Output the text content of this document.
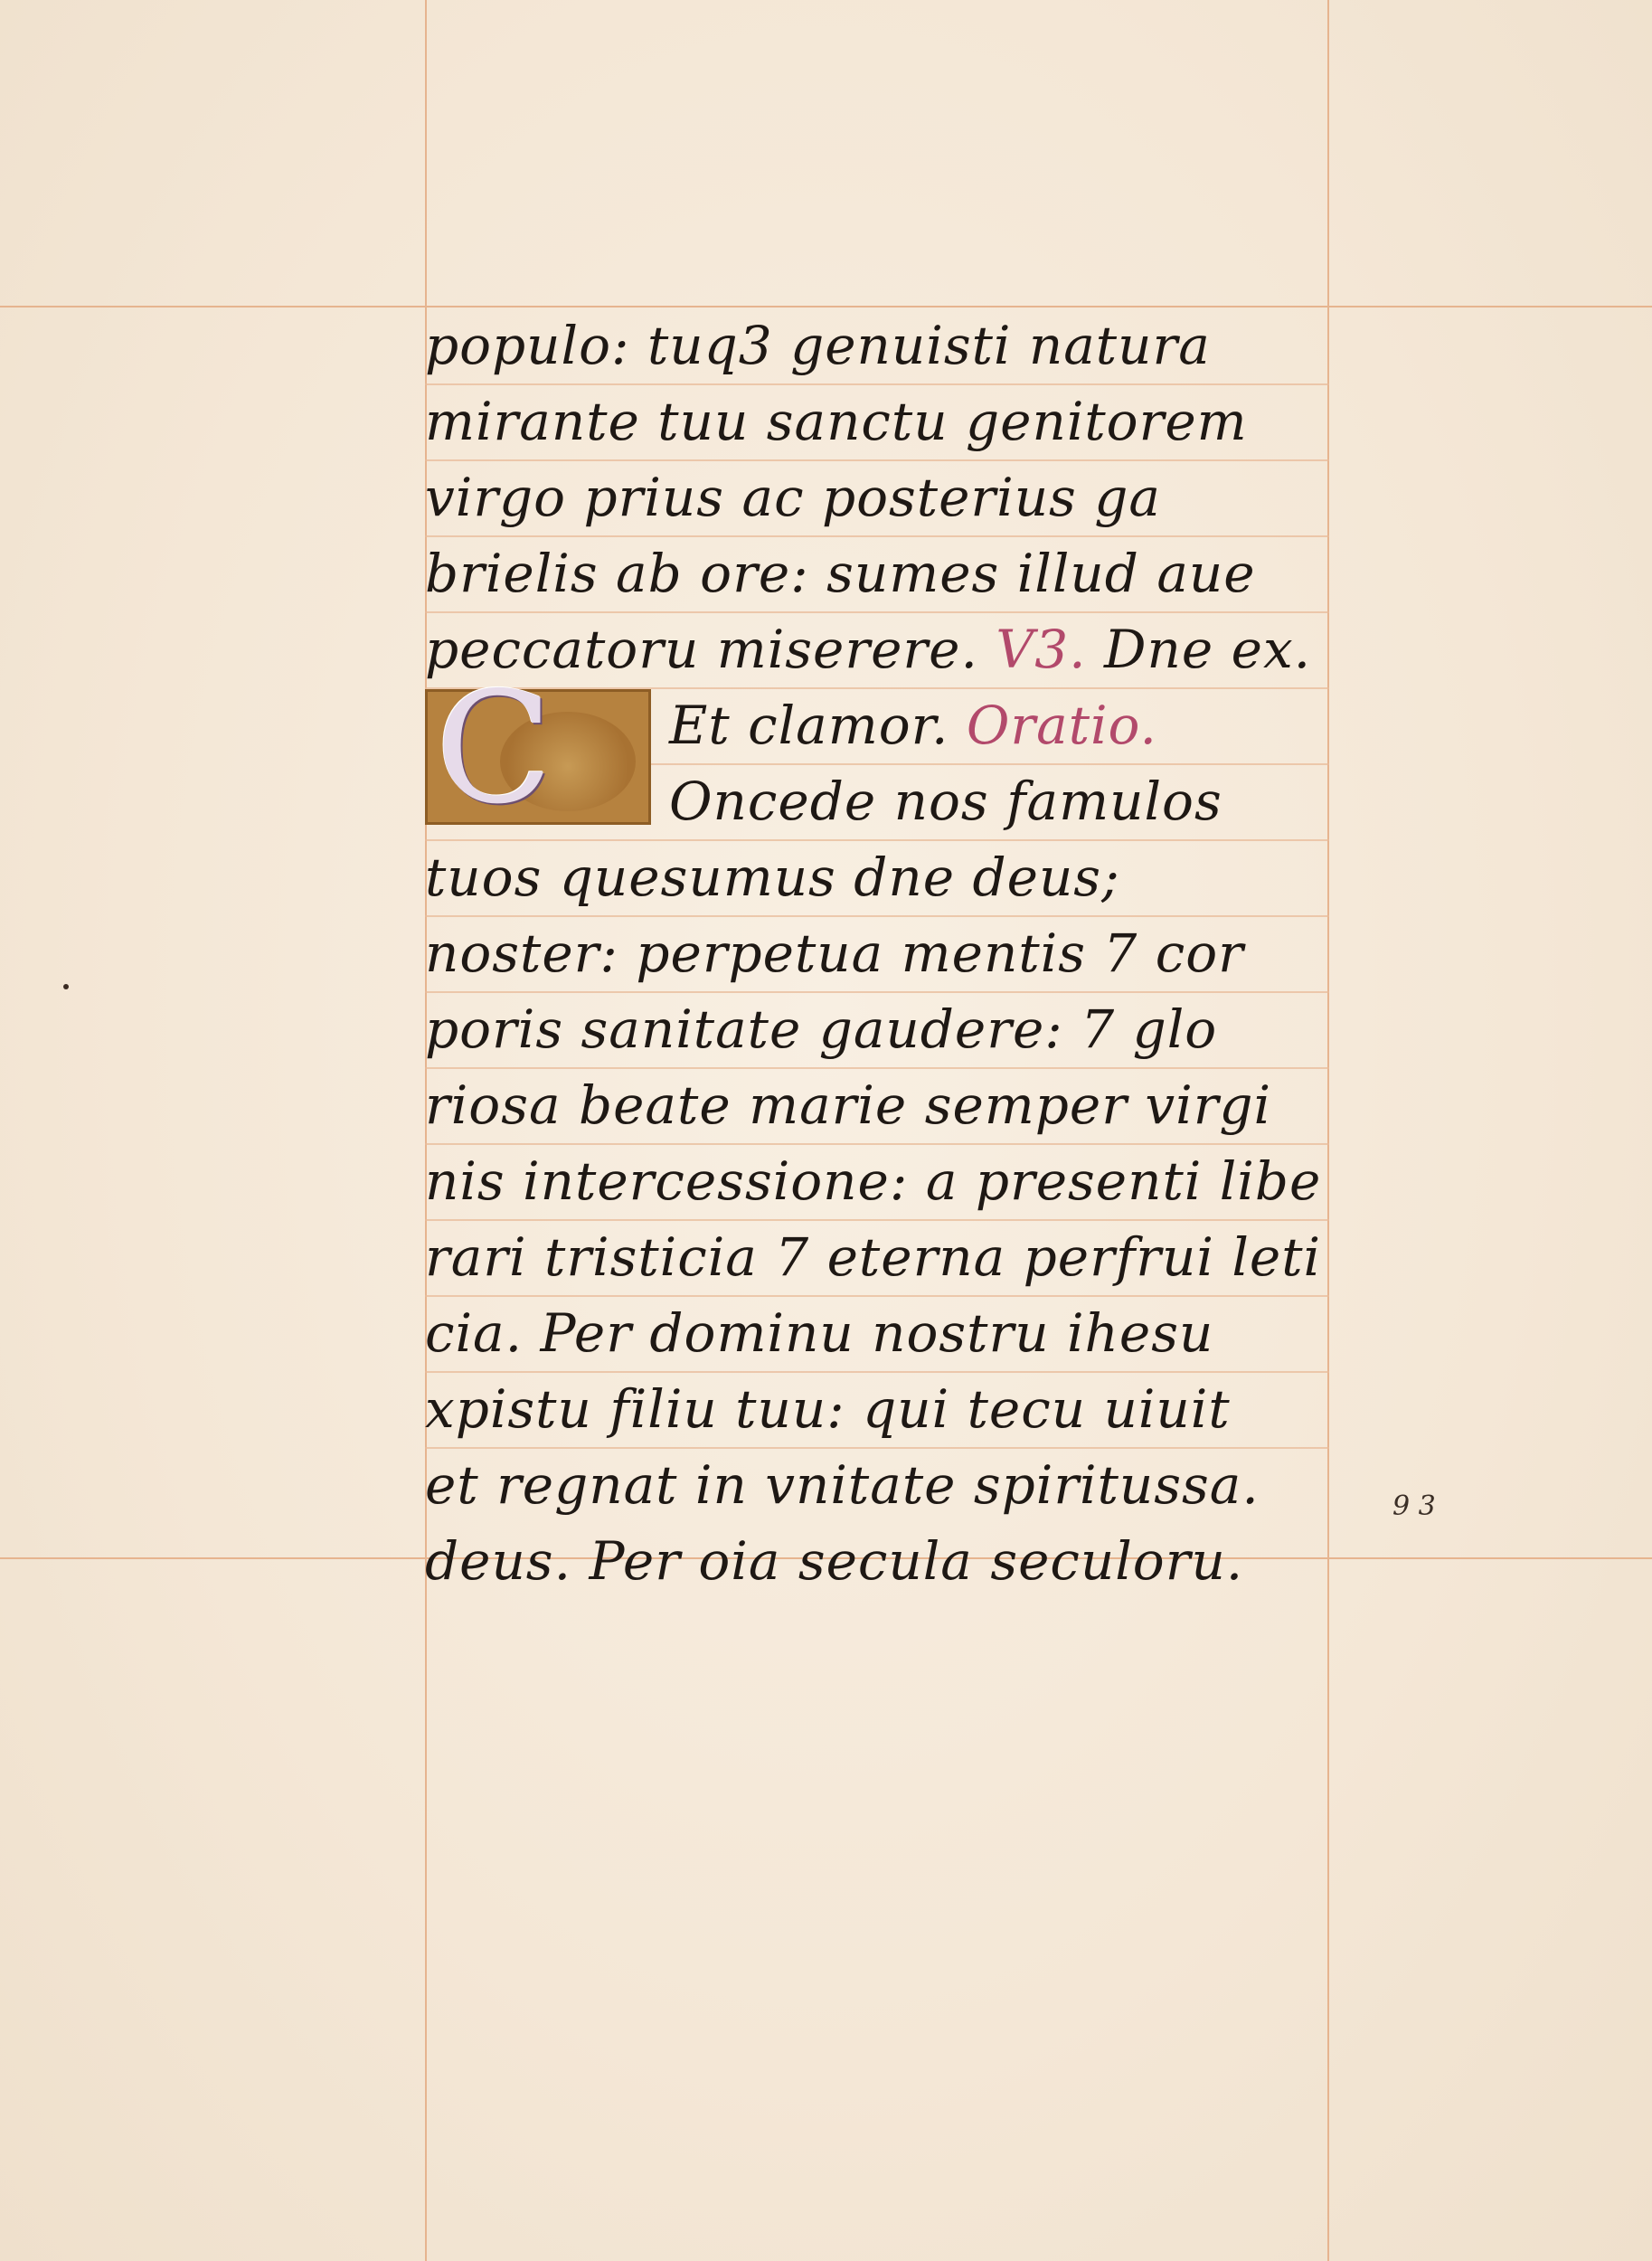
C
populo: tuq3 genuisti natura
mirante tuu sanctu genitorem
virgo prius ac posterius ga
brielis ab ore: sumes illud aue
peccatoru miserere. V3. Dne ex.
Et clamor. Oratio.
Oncede nos famulos
tuos quesumus dne deus;
noster: perpetua mentis 7 cor
poris sanitate gaudere: 7 glo
riosa beate marie semper virgi
nis intercessione: a presenti libe
rari tristicia 7 eterna perfrui leti
cia. Per dominu nostru ihesu
xpistu filiu tuu: qui tecu uiuit
et regnat in vnitate spiritussa.
deus. Per oia secula seculoru.
9 3
